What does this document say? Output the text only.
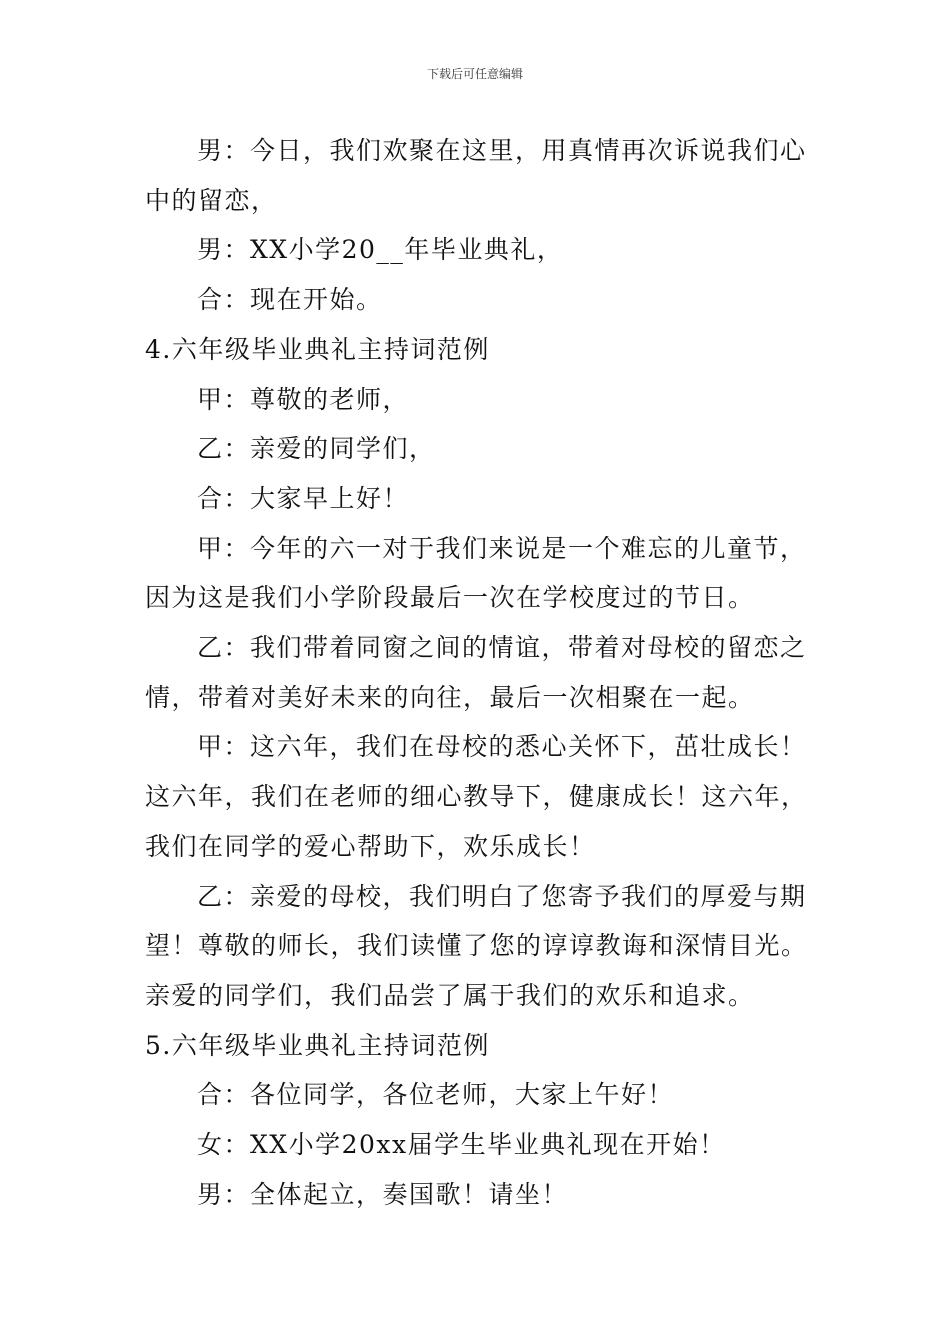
下载后可任意编辑

男：今日，我们欢聚在这里，用真情再次诉说我们心中的留恋，

男：XX小学20__年毕业典礼，

合：现在开始。

4.六年级毕业典礼主持词范例

甲：尊敬的老师，

乙：亲爱的同学们，

合：大家早上好！

甲：今年的六一对于我们来说是一个难忘的儿童节，因为这是我们小学阶段最后一次在学校度过的节日。

乙：我们带着同窗之间的情谊，带着对母校的留恋之情，带着对美好未来的向往，最后一次相聚在一起。

甲：这六年，我们在母校的悉心关怀下，茁壮成长！这六年，我们在老师的细心教导下，健康成长！这六年，我们在同学的爱心帮助下，欢乐成长！

乙：亲爱的母校，我们明白了您寄予我们的厚爱与期望！尊敬的师长，我们读懂了您的谆谆教诲和深情目光。亲爱的同学们，我们品尝了属于我们的欢乐和追求。

5.六年级毕业典礼主持词范例

合：各位同学，各位老师，大家上午好！

女：XX小学20xx届学生毕业典礼现在开始！

男：全体起立，奏国歌！请坐！
